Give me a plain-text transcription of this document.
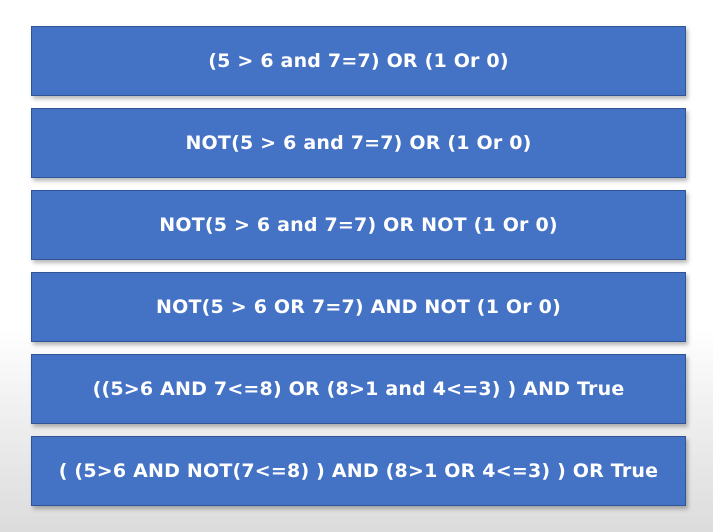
(5 > 6 and 7=7) OR (1 Or 0)
NOT(5 > 6 and 7=7) OR (1 Or 0)
NOT(5 > 6 and 7=7) OR NOT (1 Or 0)
NOT(5 > 6 OR 7=7) AND NOT (1 Or 0)
((5>6 AND 7<=8) OR (8>1 and 4<=3) ) AND True
( (5>6 AND NOT(7<=8) ) AND (8>1 OR 4<=3) ) OR True
